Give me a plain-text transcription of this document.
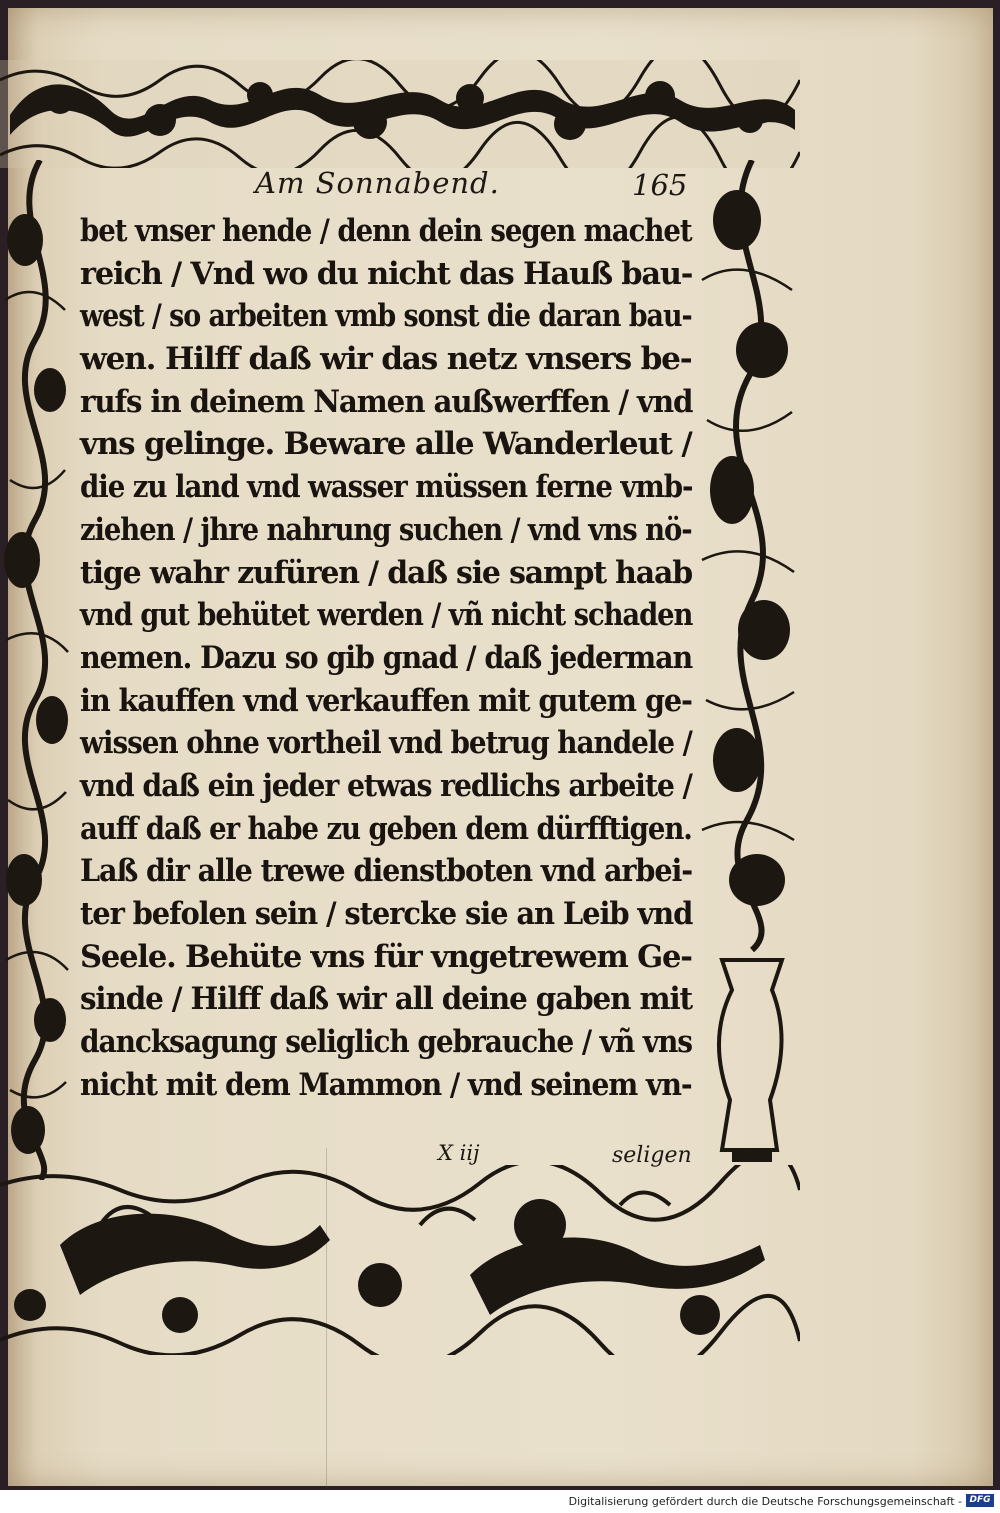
Am Sonnabend.	165
bet vnser hende / denn dein segen machet
reich / Vnd wo du nicht das Hauß bau-
west / so arbeiten vmb sonst die daran bau-
wen. Hilff daß wir das netz vnsers be-
rufs in deinem Namen außwerffen / vnd
vns gelinge. Beware alle Wanderleut /
die zu land vnd wasser müssen ferne vmb-
ziehen / jhre nahrung suchen / vnd vns nö-
tige wahr zufüren / daß sie sampt haab
vnd gut behütet werden / vñ nicht schaden
nemen. Dazu so gib gnad / daß jederman
in kauffen vnd verkauffen mit gutem ge-
wissen ohne vortheil vnd betrug handele /
vnd daß ein jeder etwas redlichs arbeite /
auff daß er habe zu geben dem dürfftigen.
Laß dir alle trewe dienstboten vnd arbei-
ter befolen sein / stercke sie an Leib vnd
Seele. Behüte vns für vngetrewem Ge-
sinde / Hilff daß wir all deine gaben mit
dancksagung seliglich gebrauche / vñ vns
nicht mit dem Mammon / vnd seinem vn-
X iij	seligen
Digitalisierung gefördert durch die Deutsche Forschungsgemeinschaft - DFG
